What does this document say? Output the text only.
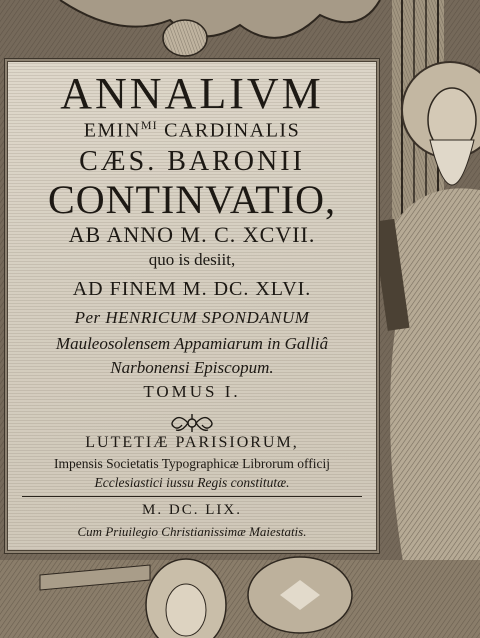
ANNALIVM
$EMIN^{MI}$ CARDINALIS
CÆS. BARONII
CONTINVATIO,
AB ANNO M. C. XCVII.
quo is desiit,
AD FINEM M. DC. XLVI.
Per HENRICUM SPONDANUM
Mauleosolensem Appamiarum in Galliâ
Narbonensi Episcopum.
TOMUS I.
LUTETIÆ PARISIORUM,
Impensis Societatis Typographicæ Librorum officij
Ecclesiastici iussu Regis constitutæ.
M. DC. LIX.
Cum Priuilegio Christianissimæ Maiestatis.
